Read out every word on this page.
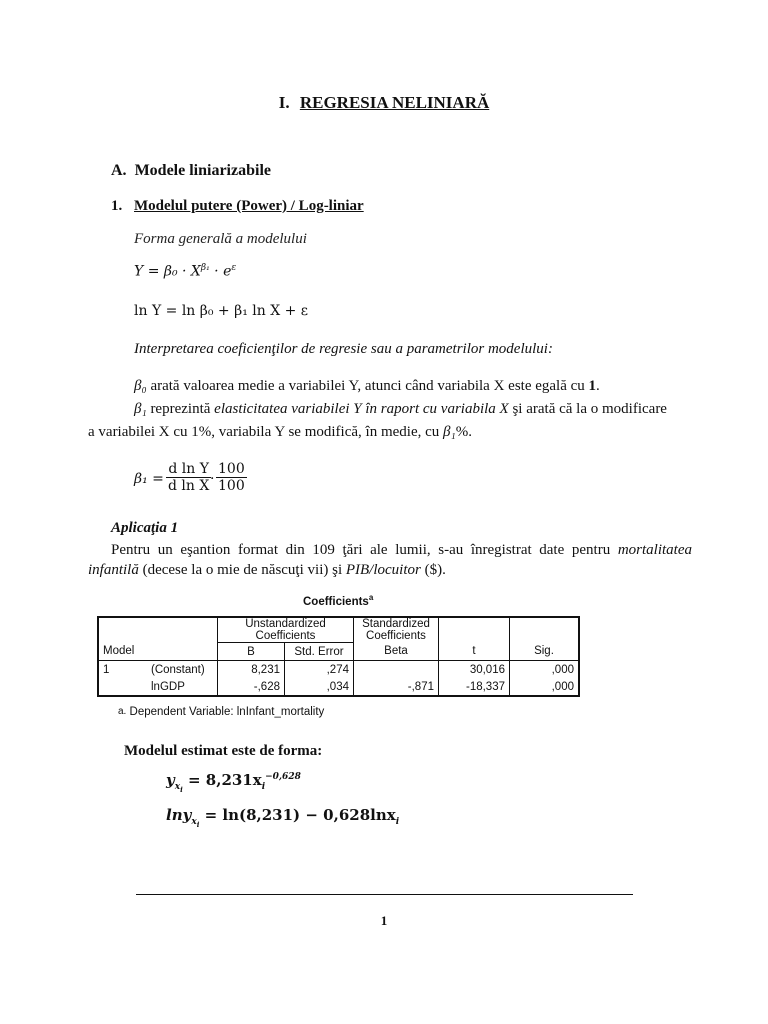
I. REGRESIA NELINIARĂ
A. Modele liniarizabile
1. Modelul putere (Power) / Log-liniar
Forma generală a modelului
$Y = \beta_0 \cdot X^{\beta_1} \cdot e^\varepsilon$
ln Y = ln β₀ + β₁ ln X + ε
Interpretarea coeficienţilor de regresie sau a parametrilor modelului:
β₀ arată valoarea medie a variabilei Y, atunci când variabila X este egală cu 1.
β₁ reprezintă elasticitatea variabilei Y în raport cu variabila X şi arată că la o modificare
a variabilei X cu 1%, variabila Y se modifică, în medie, cu β₁%.
$\beta_1 = \frac{\text{d ln Y}}{\text{d ln X}}$
· $\frac{100}{100}$
Aplicaţia 1
Pentru un eşantion format din 109 ţări ale lumii, s-au înregistrat date pentru mortalitatea
infantilă (decese la o mie de născuţi vii) şi PIB/locuitor ($).
Coefficients$^a$
		Unstandardized
Coefficients		Standardized
Coefficients		
Model		B	Std. Error	Beta	t	Sig.
1	(Constant)	8,231	,274		30,016	,000
	lnGDP	-,628	,034	-,871	-18,337	,000
a. Dependent Variable: lnInfant_mortality
Modelul estimat este de forma:
$y_{x_i} = 8,231x_i^{-0,628}$
lny$_{x_i}$ = ln(8,231) − 0,628lnx$_i$
1
